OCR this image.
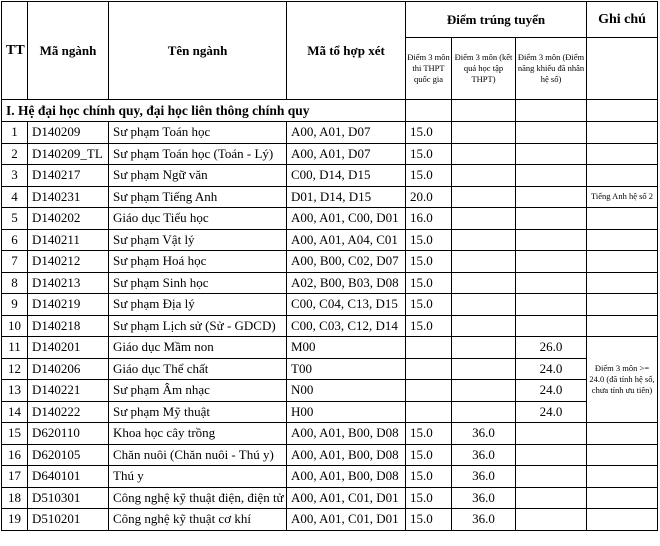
TT	Mã ngành	Tên ngành	Mã tổ hợp xét	Điểm trúng tuyển			Ghi chú
				Điểm 3 môn thi THPT quốc gia	Điểm 3 môn (kết quả học tập THPT)	Điểm 3 môn (Điểm năng khiếu đã nhân hệ số)	
I. Hệ đại học chính quy, đại học liên thông chính quy							
1	D140209	Sư phạm Toán học	A00, A01, D07	15.0			
2	D140209_TL	Sư phạm Toán học (Toán - Lý)	A00, A01, D07	15.0			
3	D140217	Sư phạm Ngữ văn	C00, D14, D15	15.0			
4	D140231	Sư phạm Tiếng Anh	D01, D14, D15	20.0			Tiếng Anh hệ số 2
5	D140202	Giáo dục Tiểu học	A00, A01, C00, D01	16.0			
6	D140211	Sư phạm Vật lý	A00, A01, A04, C01	15.0			
7	D140212	Sư phạm Hoá học	A00, B00, C02, D07	15.0			
8	D140213	Sư phạm Sinh học	A02, B00, B03, D08	15.0			
9	D140219	Sư phạm Địa lý	C00, C04, C13, D15	15.0			
10	D140218	Sư phạm Lịch sử (Sử - GDCD)	C00, C03, C12, D14	15.0			
11	D140201	Giáo dục Mầm non	M00			26.0	Điểm 3 môn >= 24.0 (đã tính hệ số, chưa tính ưu tiên)
12	D140206	Giáo dục Thể chất	T00			24.0	
13	D140221	Sư phạm Âm nhạc	N00			24.0	
14	D140222	Sư phạm Mỹ thuật	H00			24.0	
15	D620110	Khoa học cây trồng	A00, A01, B00, D08	15.0	36.0		
16	D620105	Chăn nuôi (Chăn nuôi - Thú y)	A00, A01, B00, D08	15.0	36.0		
17	D640101	Thú y	A00, A01, B00, D08	15.0	36.0		
18	D510301	Công nghệ kỹ thuật điện, điện tử	A00, A01, C01, D01	15.0	36.0		
19	D510201	Công nghệ kỹ thuật cơ khí	A00, A01, C01, D01	15.0	36.0		
